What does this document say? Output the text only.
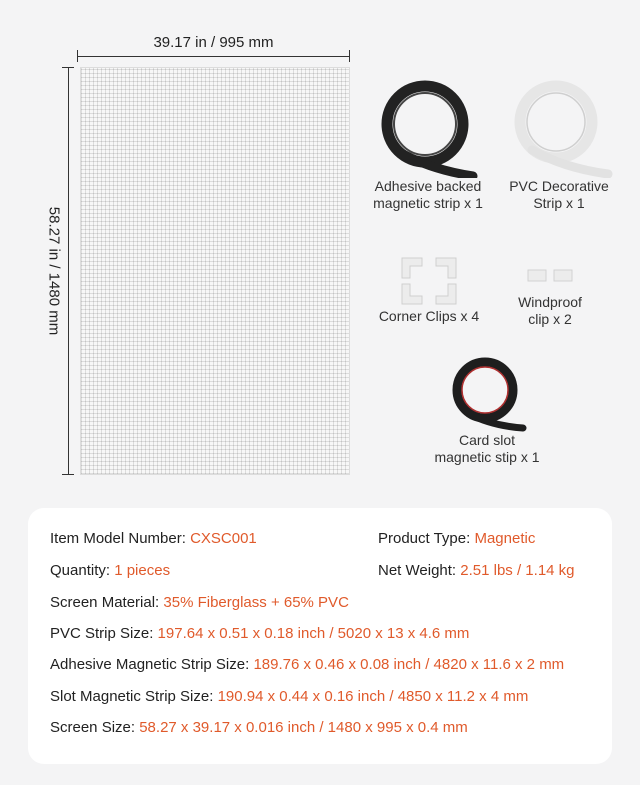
39.17 in / 995 mm
58.27 in / 1480 mm
Adhesive backed
magnetic strip x 1
PVC Decorative
Strip x 1
Corner Clips x 4
Windproof
clip x 2
Card slot
magnetic stip x 1
Item Model Number: CXSC001	Product Type: Magnetic
Quantity: 1 pieces	Net Weight: 2.51 lbs / 1.14 kg
Screen Material: 35% Fiberglass + 65% PVC
PVC Strip Size: 197.64 x 0.51 x 0.18 inch / 5020 x 13 x 4.6 mm
Adhesive Magnetic Strip Size: 189.76 x 0.46 x 0.08 inch / 4820 x 11.6 x 2 mm
Slot Magnetic Strip Size: 190.94 x 0.44 x 0.16 inch / 4850 x 11.2 x 4 mm
Screen Size: 58.27 x 39.17 x 0.016 inch / 1480 x 995 x 0.4 mm
